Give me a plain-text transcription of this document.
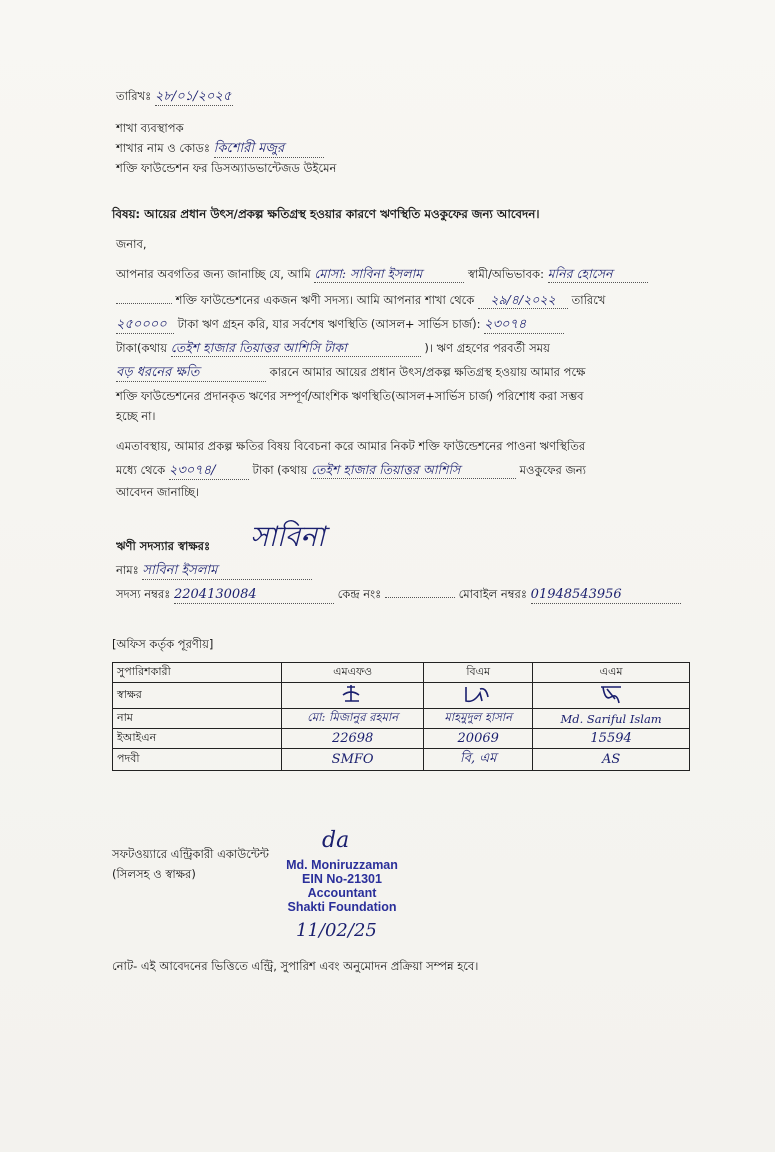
তারিখঃ ২৮/০১/২০২৫
শাখা ব্যবস্থাপক
শাখার নাম ও কোডঃ কিশোরী মজুর
শক্তি ফাউন্ডেশন ফর ডিসঅ্যাডভান্টেজড উইমেন
বিষয়: আয়ের প্রধান উৎস/প্রকল্প ক্ষতিগ্রস্থ হওয়ার কারণে ঋণস্থিতি মওকুফের জন্য আবেদন।
জনাব,
আপনার অবগতির জন্য জানাচ্ছি যে, আমি মোসা: সাবিনা ইসলাম	স্বামী/অভিভাবক: মনির হোসেন
শক্তি ফাউন্ডেশনের একজন ঋণী সদস্য। আমি আপনার শাখা থেকে ২৯/৪/২০২২ তারিখে
২৫০০০০ টাকা ঋণ গ্রহন করি, যার সর্বশেষ ঋণস্থিতি (আসল+ সার্ভিস চার্জ): ২৩০৭৪
টাকা(কথায় তেইশ হাজার তিয়াত্তর আশিসি টাকা	)। ঋণ গ্রহণের পরবর্তী সময়
বড় ধরনের ক্ষতি	কারনে আমার আয়ের প্রধান উৎস/প্রকল্প ক্ষতিগ্রস্থ হওয়ায় আমার পক্ষে
শক্তি ফাউন্ডেশনের প্রদানকৃত ঋণের সম্পূর্ণ/আংশিক ঋণস্থিতি(আসল+সার্ভিস চার্জ) পরিশোধ করা সম্ভব
হচ্ছে না।
এমতাবস্থায়, আমার প্রকল্প ক্ষতির বিষয় বিবেচনা করে আমার নিকট শক্তি ফাউন্ডেশনের পাওনা ঋণস্থিতির
মধ্যে থেকে ২৩০৭৪/	টাকা (কথায় তেইশ হাজার তিয়াত্তর আশিসি	মওকুফের জন্য
আবেদন জানাচ্ছি।
ঋণী সদস্যার স্বাক্ষরঃ সাবিনা
নামঃ সাবিনা ইসলাম
সদস্য নম্বরঃ 2204130084	কেন্দ্র নংঃ	মোবাইল নম্বরঃ 01948543956
[অফিস কর্তৃক পূরণীয়]
সুপারিশকারী	এমএফও	বিএম	এএম
স্বাক্ষর			
নাম	মো: মিজানুর রহমান	মাহমুদুল হাসান	Md. Sariful Islam
ইআইএন	22698	20069	15594
পদবী	SMFO	বি, এম	AS
সফটওয়্যারে এন্ট্রিকারী একাউন্টেন্ট
(সিলসহ ও স্বাক্ষর)
da
Md. Moniruzzaman
EIN No-21301
Accountant
Shakti Foundation
11/02/25
নোট- এই আবেদনের ভিত্তিতে এন্ট্রি, সুপারিশ এবং অনুমোদন প্রক্রিয়া সম্পন্ন হবে।
